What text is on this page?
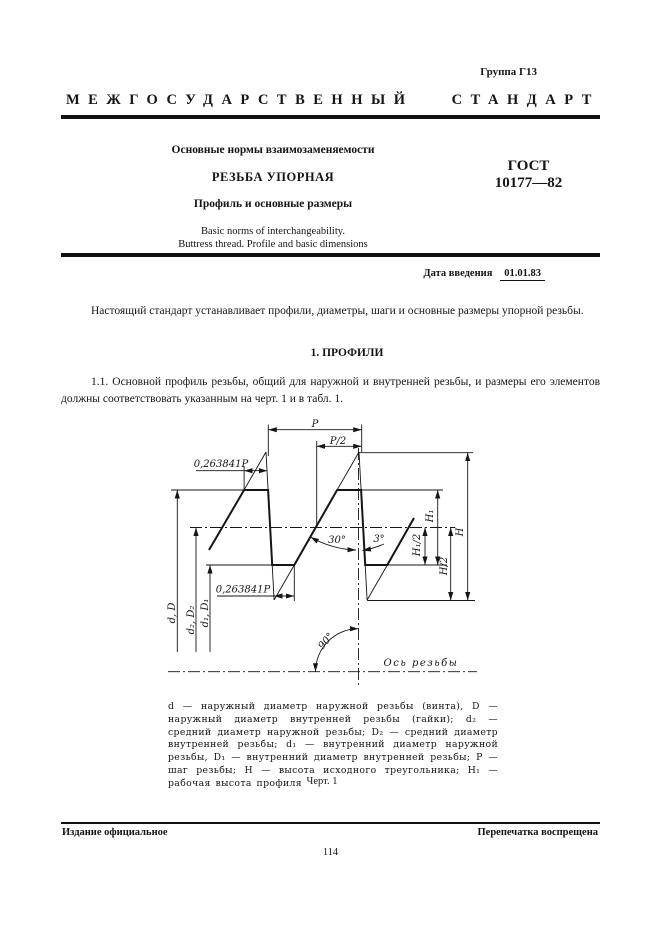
Группа Г13
МЕЖГОСУДАРСТВЕННЫЙ СТАНДАРТ
Основные нормы взаимозаменяемости
РЕЗЬБА УПОРНАЯ
Профиль и основные размеры
Basic norms of interchangeability.
Buttress thread. Profile and basic dimensions
ГОСТ
10177—82
Дата введения 01.01.83
Настоящий стандарт устанавливает профили, диаметры, шаги и основные размеры упорной резьбы.
1. ПРОФИЛИ
1.1. Основной профиль резьбы, общий для наружной и внутренней резьбы, и размеры его элементов должны соответствовать указанным на черт. 1 и в табл. 1.
P
P/2
0,263841P
0,263841P
30°	3°
90°
Ось резьбы
d, D d₂, D₂ d₁, D₁
H₁
H₁/2
H/2
H
d — наружный диаметр наружной резьбы (винта), D — наружный диаметр внутренней резьбы (гайки); d₂ — средний диаметр наружной резьбы; D₂ — средний диаметр внутренней резьбы; d₁ — внутренний диаметр наружной резьбы, D₁ — внутренний диаметр внутренней резьбы; P — шаг резьбы; H — высота исходного треугольника; H₁ — рабочая высота профиля Черт. 1
Издание официальное	Перепечатка воспрещена
114
